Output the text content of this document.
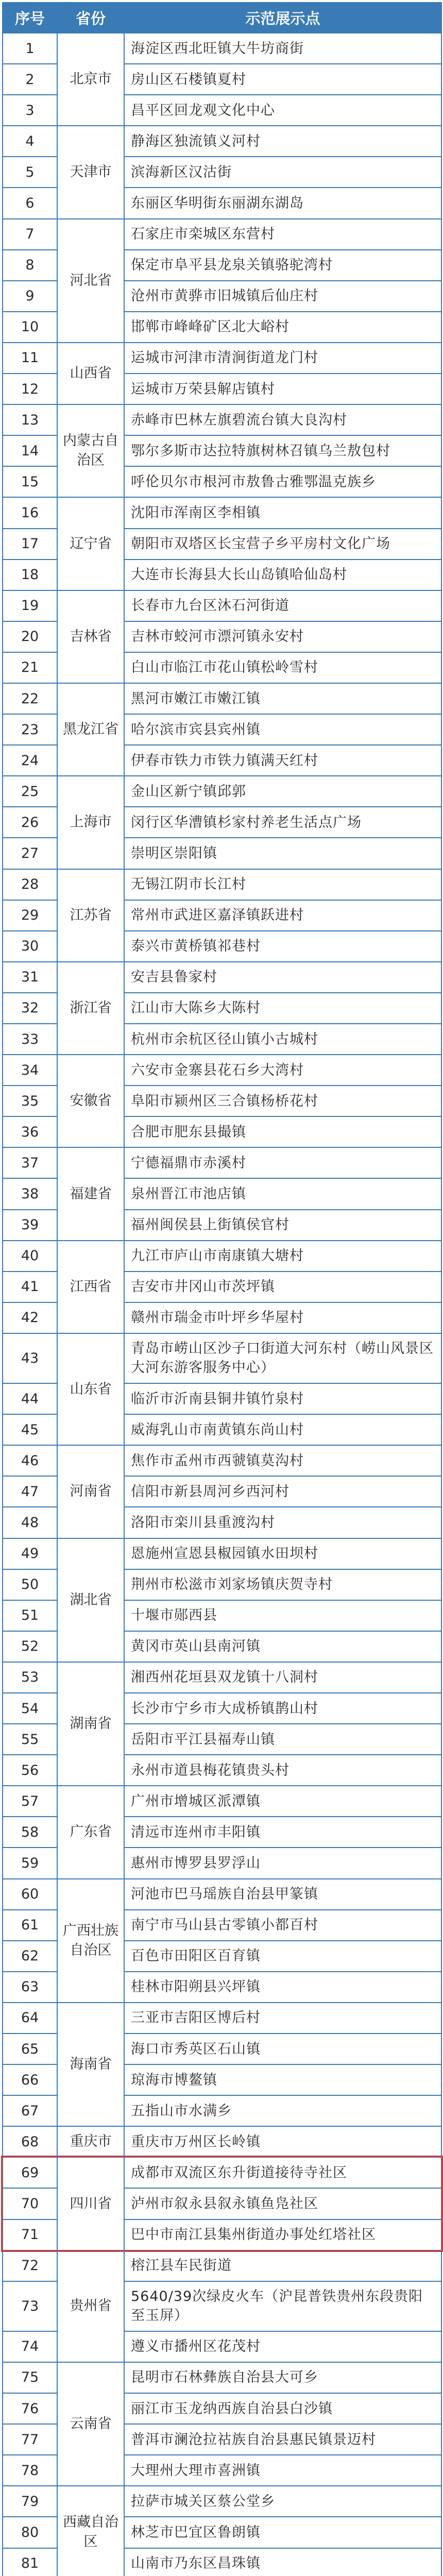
序号	省份	示范展示点
1	北京市	海淀区西北旺镇大牛坊商街
2		房山区石楼镇夏村
3		昌平区回龙观文化中心
4	天津市	静海区独流镇义河村
5		滨海新区汉沽街
6		东丽区华明街东丽湖东湖岛
7	河北省	石家庄市栾城区东营村
8		保定市阜平县龙泉关镇骆驼湾村
9		沧州市黄骅市旧城镇后仙庄村
10		邯郸市峰峰矿区北大峪村
11	山西省	运城市河津市清涧街道龙门村
12		运城市万荣县解店镇村
13	内蒙古自治区	赤峰市巴林左旗碧流台镇大良沟村
14		鄂尔多斯市达拉特旗树林召镇乌兰敖包村
15		呼伦贝尔市根河市敖鲁古雅鄂温克族乡
16	辽宁省	沈阳市浑南区李相镇
17		朝阳市双塔区长宝营子乡平房村文化广场
18		大连市长海县大长山岛镇哈仙岛村
19	吉林省	长春市九台区沐石河街道
20		吉林市蛟河市漂河镇永安村
21		白山市临江市花山镇松岭雪村
22	黑龙江省	黑河市嫩江市嫩江镇
23		哈尔滨市宾县宾州镇
24		伊春市铁力市铁力镇满天红村
25	上海市	金山区新宁镇邱郭
26		闵行区华漕镇杉家村养老生活点广场
27		崇明区崇阳镇
28	江苏省	无锡江阴市长江村
29		常州市武进区嘉泽镇跃进村
30		泰兴市黄桥镇祁巷村
31	浙江省	安吉县鲁家村
32		江山市大陈乡大陈村
33		杭州市余杭区径山镇小古城村
34	安徽省	六安市金寨县花石乡大湾村
35		阜阳市颍州区三合镇杨桥花村
36		合肥市肥东县撮镇
37	福建省	宁德福鼎市赤溪村
38		泉州晋江市池店镇
39		福州闽侯县上街镇侯官村
40	江西省	九江市庐山市南康镇大塘村
41		吉安市井冈山市茨坪镇
42		赣州市瑞金市叶坪乡华屋村
43	山东省	青岛市崂山区沙子口街道大河东村（崂山风景区大河东游客服务中心）
44		临沂市沂南县铜井镇竹泉村
45		威海乳山市南黄镇东尚山村
46	河南省	焦作市孟州市西虢镇莫沟村
47		信阳市新县周河乡西河村
48		洛阳市栾川县重渡沟村
49	湖北省	恩施州宣恩县椒园镇水田坝村
50		荆州市松滋市刘家场镇庆贺寺村
51		十堰市郧西县
52		黄冈市英山县南河镇
53	湖南省	湘西州花垣县双龙镇十八洞村
54		长沙市宁乡市大成桥镇鹊山村
55		岳阳市平江县福寿山镇
56		永州市道县梅花镇贵头村
57	广东省	广州市增城区派潭镇
58		清远市连州市丰阳镇
59		惠州市博罗县罗浮山
60	广西壮族自治区	河池市巴马瑶族自治县甲篆镇
61		南宁市马山县古零镇小都百村
62		百色市田阳区百育镇
63		桂林市阳朔县兴坪镇
64	海南省	三亚市吉阳区博后村
65		海口市秀英区石山镇
66		琼海市博鳌镇
67		五指山市水满乡
68	重庆市	重庆市万州区长岭镇
69	四川省	成都市双流区东升街道接待寺社区
70		泸州市叙永县叙永镇鱼凫社区
71		巴中市南江县集州街道办事处红塔社区
72	贵州省	榕江县车民街道
73		5640/39次绿皮火车（沪昆普铁贵州东段贵阳至玉屏）
74		遵义市播州区花茂村
75	云南省	昆明市石林彝族自治县大可乡
76		丽江市玉龙纳西族自治县白沙镇
77		普洱市澜沧拉祜族自治县惠民镇景迈村
78		大理州大理市喜洲镇
79	西藏自治区	拉萨市城关区蔡公堂乡
80		林芝市巴宜区鲁朗镇
81		山南市乃东区昌珠镇
